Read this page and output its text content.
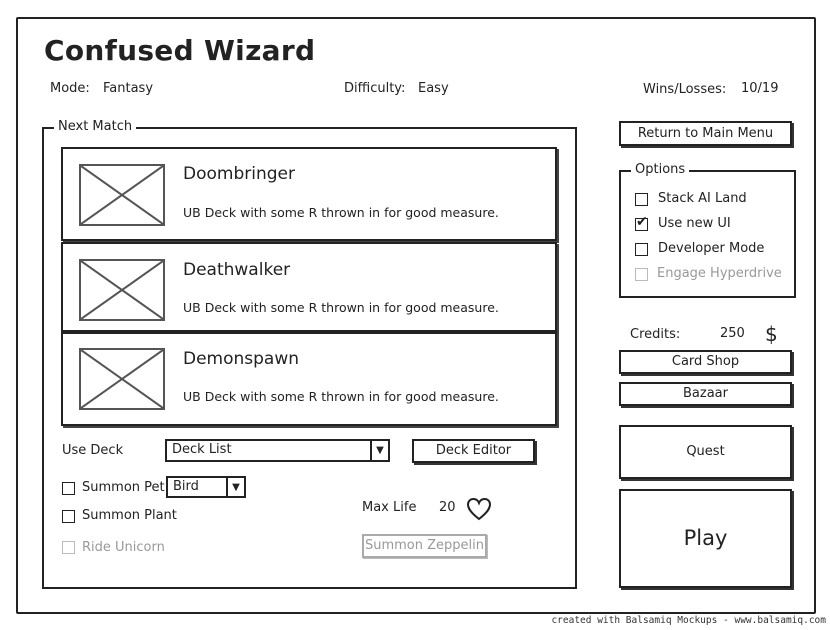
Confused Wizard
Mode: Fantasy	Difficulty: Easy	Wins/Losses: 10/19
Next Match
Doombringer
UB Deck with some R thrown in for good measure.
Deathwalker
UB Deck with some R thrown in for good measure.
Demonspawn
UB Deck with some R thrown in for good measure.
Use Deck	Deck List	▼	Deck Editor
Summon Pet Bird	▼
Summon Plant
Ride Unicorn
Max Life 20
Summon Zeppelin
Return to Main Menu
Options
Stack AI Land
✔
Use new UI
Developer Mode
Engage Hyperdrive
Credits:	250 $
Card Shop
Bazaar
Quest
Play
created with Balsamiq Mockups - www.balsamiq.com
